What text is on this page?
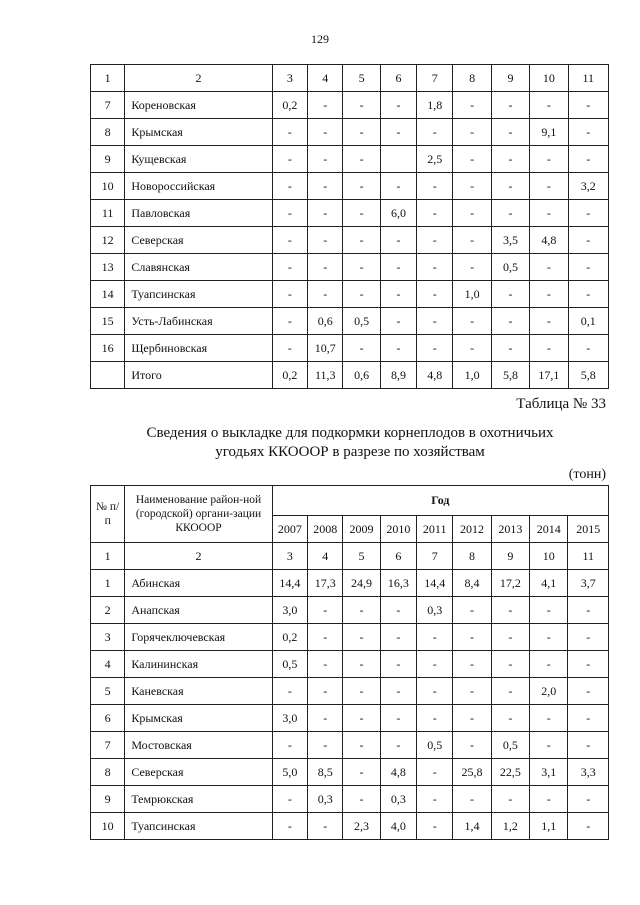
129
1	2	3	4	5	6	7	8	9	10	11
7	Кореновская	0,2	-	-	-	1,8	-	-	-	-
8	Крымская	-	-	-	-	-	-	-	9,1	-
9	Кущевская	-	-	-		2,5	-	-	-	-
10	Новороссийская	-	-	-	-	-	-	-	-	3,2
11	Павловская	-	-	-	6,0	-	-	-	-	-
12	Северская	-	-	-	-	-	-	3,5	4,8	-
13	Славянская	-	-	-	-	-	-	0,5	-	-
14	Туапсинская	-	-	-	-	-	1,0	-	-	-
15	Усть-Лабинская	-	0,6	0,5	-	-	-	-	-	0,1
16	Щербиновская	-	10,7	-	-	-	-	-	-	-
	Итого	0,2	11,3	0,6	8,9	4,8	1,0	5,8	17,1	5,8
Таблица № 33
Сведения о выкладке для подкормки корнеплодов в охотничьих
угодьях ККОООР в разрезе по хозяйствам
(тонн)
№ п/п	Наименование район-ной (городской) органи-зации ККОООР	Год								
		2007	2008	2009	2010	2011	2012	2013	2014	2015
1	2	3	4	5	6	7	8	9	10	11
1	Абинская	14,4	17,3	24,9	16,3	14,4	8,4	17,2	4,1	3,7
2	Анапская	3,0	-	-	-	0,3	-	-	-	-
3	Горячеключевская	0,2	-	-	-	-	-	-	-	-
4	Калининская	0,5	-	-	-	-	-	-	-	-
5	Каневская	-	-	-	-	-	-	-	2,0	-
6	Крымская	3,0	-	-	-	-	-	-	-	-
7	Мостовская	-	-	-	-	0,5	-	0,5	-	-
8	Северская	5,0	8,5	-	4,8	-	25,8	22,5	3,1	3,3
9	Темрюкская	-	0,3	-	0,3	-	-	-	-	-
10	Туапсинская	-	-	2,3	4,0	-	1,4	1,2	1,1	-
